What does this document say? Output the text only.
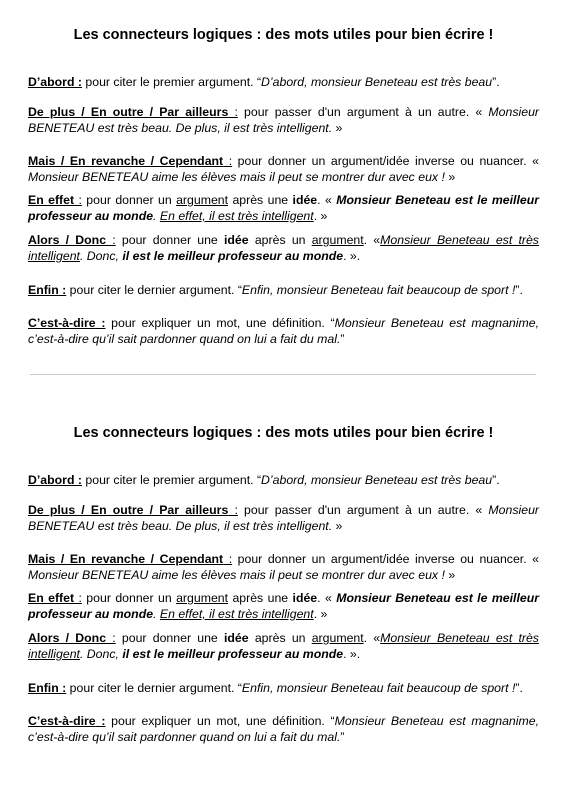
Les connecteurs logiques : des mots utiles pour bien écrire !

D’abord : pour citer le premier argument. “D’abord, monsieur Beneteau est très beau”.

De plus / En outre / Par ailleurs : pour passer d'un argument à un autre. « Monsieur BENETEAU est très beau. De plus, il est très intelligent. »

Mais / En revanche / Cependant : pour donner un argument/idée inverse ou nuancer. « Monsieur BENETEAU aime les élèves mais il peut se montrer dur avec eux ! »

En effet : pour donner un argument après une idée. « Monsieur Beneteau est le meilleur professeur au monde. En effet, il est très intelligent. »

Alors / Donc : pour donner une idée après un argument. «Monsieur Beneteau est très intelligent. Donc, il est le meilleur professeur au monde. ».

Enfin : pour citer le dernier argument. “Enfin, monsieur Beneteau fait beaucoup de sport !”.

C’est-à-dire : pour expliquer un mot, une définition. “Monsieur Beneteau est magnanime, c’est-à-dire qu’il sait pardonner quand on lui a fait du mal.”

Les connecteurs logiques : des mots utiles pour bien écrire !

D’abord : pour citer le premier argument. “D’abord, monsieur Beneteau est très beau”.

De plus / En outre / Par ailleurs : pour passer d'un argument à un autre. « Monsieur BENETEAU est très beau. De plus, il est très intelligent. »

Mais / En revanche / Cependant : pour donner un argument/idée inverse ou nuancer. « Monsieur BENETEAU aime les élèves mais il peut se montrer dur avec eux ! »

En effet : pour donner un argument après une idée. « Monsieur Beneteau est le meilleur professeur au monde. En effet, il est très intelligent. »

Alors / Donc : pour donner une idée après un argument. «Monsieur Beneteau est très intelligent. Donc, il est le meilleur professeur au monde. ».

Enfin : pour citer le dernier argument. “Enfin, monsieur Beneteau fait beaucoup de sport !”.

C’est-à-dire : pour expliquer un mot, une définition. “Monsieur Beneteau est magnanime, c’est-à-dire qu’il sait pardonner quand on lui a fait du mal.”
